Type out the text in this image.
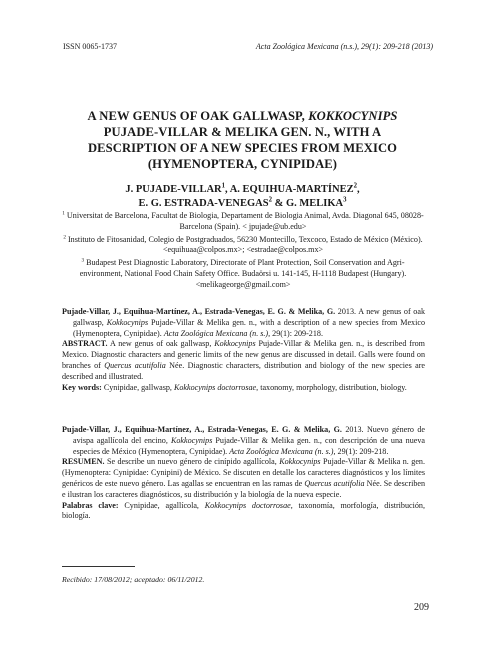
ISSN 0065-1737	Acta Zoológica Mexicana (n.s.), 29(1): 209-218 (2013)
A NEW GENUS OF OAK GALLWASP, KOKKOCYNIPS
PUJADE-VILLAR & MELIKA GEN. N., WITH A
DESCRIPTION OF A NEW SPECIES FROM MEXICO
(HYMENOPTERA, CYNIPIDAE)
J. PUJADE-VILLAR$^1$, A. EQUIHUA-MARTÍNEZ$^2$,
E. G. ESTRADA-VENEGAS$^2$ & G. MELIKA$^3$

$^1$ Universitat de Barcelona, Facultat de Biologia, Departament de Biologia Animal, Avda. Diagonal 645, 08028-Barcelona (Spain). < jpujade@ub.edu>

$^2$ Instituto de Fitosanidad, Colegio de Postgraduados, 56230 Montecillo, Texcoco, Estado de México (México). <equihuaa@colpos.mx>; <estradae@colpos.mx>

$^3$ Budapest Pest Diagnostic Laboratory, Directorate of Plant Protection, Soil Conservation and Agri-environment, National Food Chain Safety Office. Budaörsi u. 141-145, H-1118 Budapest (Hungary). <melikageorge@gmail.com>

Pujade-Villar, J., Equihua-Martínez, A., Estrada-Venegas, E. G. & Melika, G. 2013. A new genus of oak gallwasp, Kokkocynips Pujade-Villar & Melika gen. n., with a description of a new species from Mexico (Hymenoptera, Cynipidae). Acta Zoológica Mexicana (n. s.), 29(1): 209-218.

ABSTRACT. A new genus of oak gallwasp, Kokkocynips Pujade-Villar & Melika gen. n., is described from Mexico. Diagnostic characters and generic limits of the new genus are discussed in detail. Galls were found on branches of Quercus acutifolia Née. Diagnostic characters, distribution and biology of the new species are described and illustrated.

Key words: Cynipidae, gallwasp, Kokkocynips doctorrosae, taxonomy, morphology, distribution, biology.

Pujade-Villar, J., Equihua-Martínez, A., Estrada-Venegas, E. G. & Melika, G. 2013. Nuevo género de avispa agallícola del encino, Kokkocynips Pujade-Villar & Melika gen. n., con descripción de una nueva especies de México (Hymenoptera, Cynipidae). Acta Zoológica Mexicana (n. s.), 29(1): 209-218.

RESUMEN. Se describe un nuevo género de cinípido agallícola, Kokkocynips Pujade-Villar & Melika n. gen. (Hymenoptera: Cynipidae: Cynipini) de México. Se discuten en detalle los caracteres diagnósticos y los límites genéricos de este nuevo género. Las agallas se encuentran en las ramas de Quercus acutifolia Née. Se describen e ilustran los caracteres diagnósticos, su distribución y la biología de la nueva especie.

Palabras clave: Cynipidae, agallícola, Kokkocynips doctorrosae, taxonomía, morfología, distribución, biología.

Recibido: 17/08/2012; aceptado: 06/11/2012.
209
